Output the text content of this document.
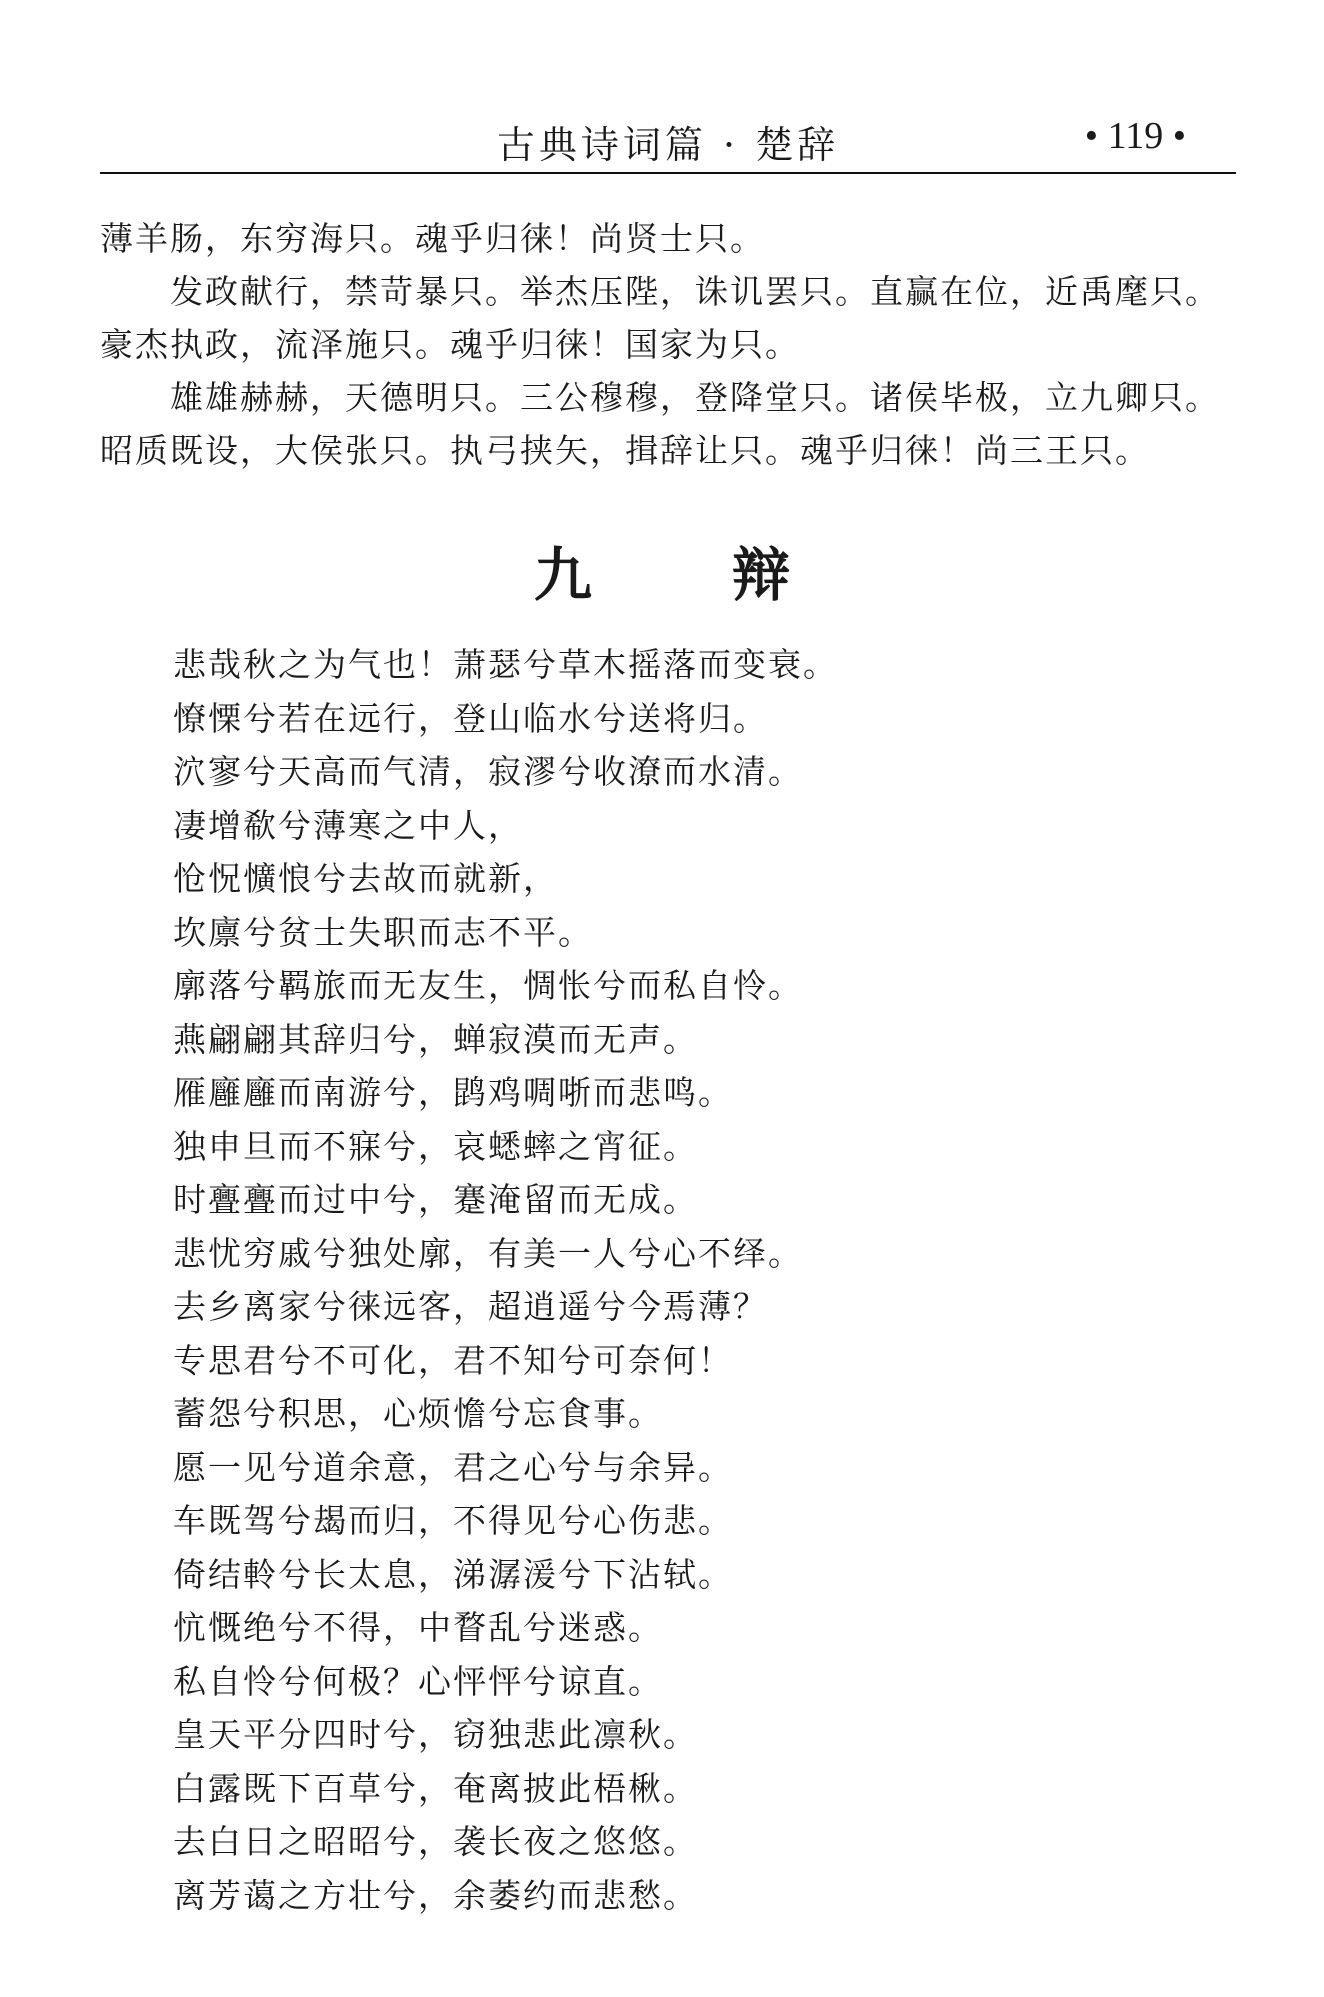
古典诗词篇 · 楚辞	• 119 •

薄羊肠，东穷海只。魂乎归徕！尚贤士只。

发政献行，禁苛暴只。举杰压陛，诛讥罢只。直赢在位，近禹麾只。豪杰执政，流泽施只。魂乎归徕！国家为只。

雄雄赫赫，天德明只。三公穆穆，登降堂只。诸侯毕极，立九卿只。昭质既设，大侯张只。执弓挟矢，揖辞让只。魂乎归徕！尚三王只。

九 辩
悲哉秋之为气也！萧瑟兮草木摇落而变衰。
憭慄兮若在远行，登山临水兮送将归。
泬寥兮天高而气清，寂漻兮收潦而水清。
凄增欷兮薄寒之中人，
怆怳懭悢兮去故而就新，
坎廪兮贫士失职而志不平。
廓落兮羁旅而无友生，惆怅兮而私自怜。
燕翩翩其辞归兮，蝉寂漠而无声。
雁廱廱而南游兮，鹍鸡啁哳而悲鸣。
独申旦而不寐兮，哀蟋蟀之宵征。
时亹亹而过中兮，蹇淹留而无成。
悲忧穷戚兮独处廓，有美一人兮心不绎。
去乡离家兮徕远客，超逍遥兮今焉薄？
专思君兮不可化，君不知兮可奈何！
蓄怨兮积思，心烦憺兮忘食事。
愿一见兮道余意，君之心兮与余异。
车既驾兮朅而归，不得见兮心伤悲。
倚结軨兮长太息，涕潺湲兮下沾轼。
忼慨绝兮不得，中瞀乱兮迷惑。
私自怜兮何极？心怦怦兮谅直。
皇天平分四时兮，窃独悲此凛秋。
白露既下百草兮，奄离披此梧楸。
去白日之昭昭兮，袭长夜之悠悠。
离芳蔼之方壮兮，余萎约而悲愁。
